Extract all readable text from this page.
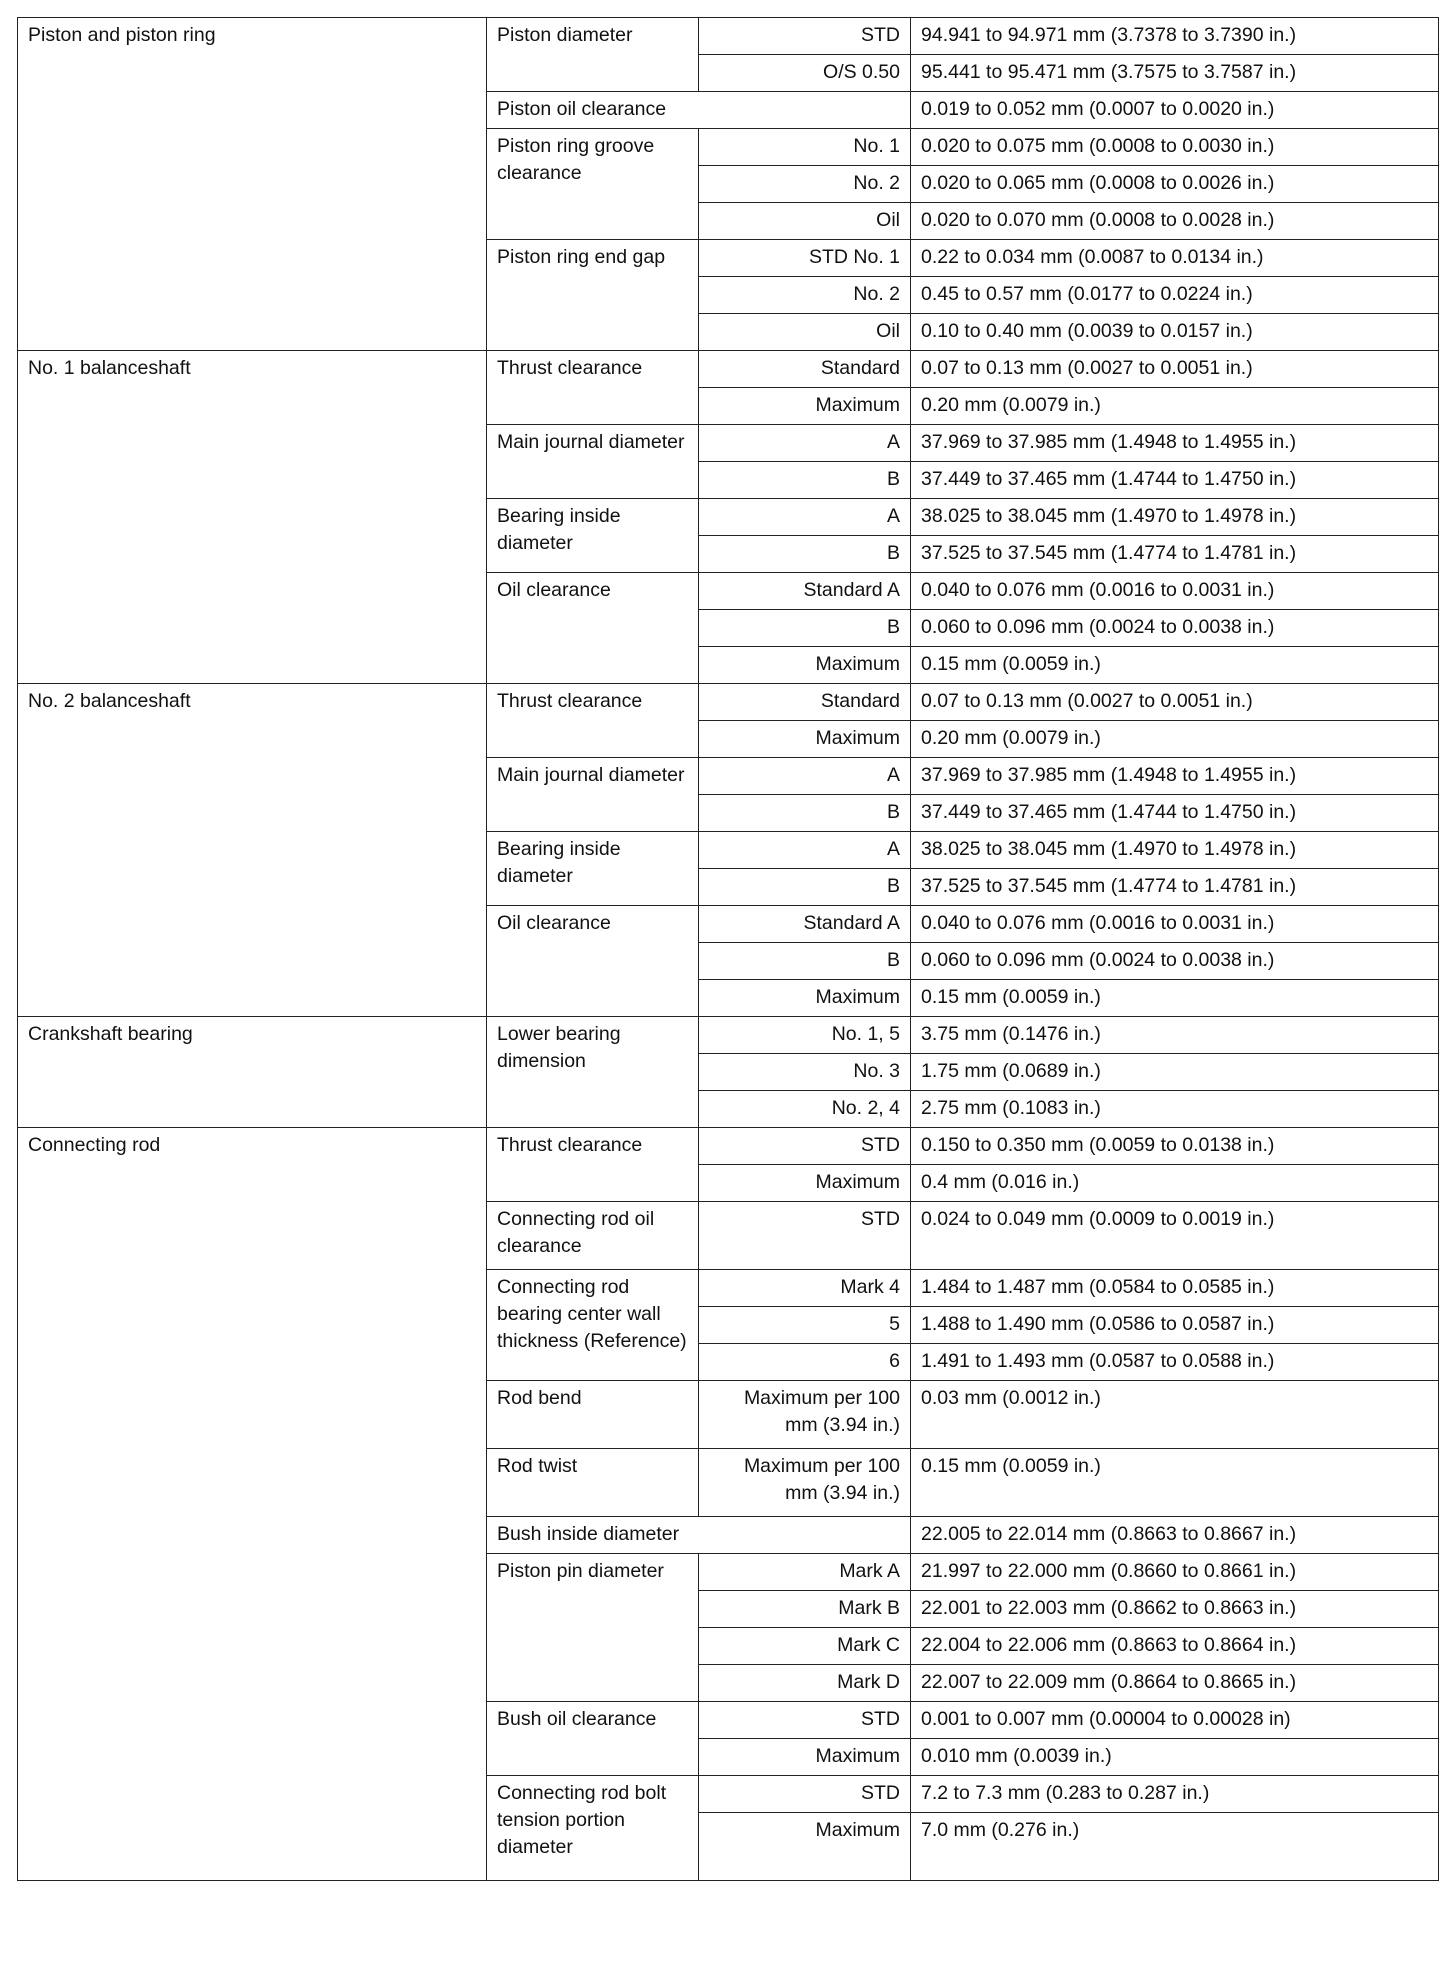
Piston and piston ring	Piston diameter	STD	94.941 to 94.971 mm (3.7378 to 3.7390 in.)
		O/S 0.50	95.441 to 95.471 mm (3.7575 to 3.7587 in.)
	Piston oil clearance		0.019 to 0.052 mm (0.0007 to 0.0020 in.)
	Piston ring groove clearance	No. 1	0.020 to 0.075 mm (0.0008 to 0.0030 in.)
		No. 2	0.020 to 0.065 mm (0.0008 to 0.0026 in.)
		Oil	0.020 to 0.070 mm (0.0008 to 0.0028 in.)
	Piston ring end gap	STD No. 1	0.22 to 0.034 mm (0.0087 to 0.0134 in.)
		No. 2	0.45 to 0.57 mm (0.0177 to 0.0224 in.)
		Oil	0.10 to 0.40 mm (0.0039 to 0.0157 in.)
No. 1 balanceshaft	Thrust clearance	Standard	0.07 to 0.13 mm (0.0027 to 0.0051 in.)
		Maximum	0.20 mm (0.0079 in.)
	Main journal diameter	A	37.969 to 37.985 mm (1.4948 to 1.4955 in.)
		B	37.449 to 37.465 mm (1.4744 to 1.4750 in.)
	Bearing inside diameter	A	38.025 to 38.045 mm (1.4970 to 1.4978 in.)
		B	37.525 to 37.545 mm (1.4774 to 1.4781 in.)
	Oil clearance	Standard A	0.040 to 0.076 mm (0.0016 to 0.0031 in.)
		B	0.060 to 0.096 mm (0.0024 to 0.0038 in.)
		Maximum	0.15 mm (0.0059 in.)
No. 2 balanceshaft	Thrust clearance	Standard	0.07 to 0.13 mm (0.0027 to 0.0051 in.)
		Maximum	0.20 mm (0.0079 in.)
	Main journal diameter	A	37.969 to 37.985 mm (1.4948 to 1.4955 in.)
		B	37.449 to 37.465 mm (1.4744 to 1.4750 in.)
	Bearing inside diameter	A	38.025 to 38.045 mm (1.4970 to 1.4978 in.)
		B	37.525 to 37.545 mm (1.4774 to 1.4781 in.)
	Oil clearance	Standard A	0.040 to 0.076 mm (0.0016 to 0.0031 in.)
		B	0.060 to 0.096 mm (0.0024 to 0.0038 in.)
		Maximum	0.15 mm (0.0059 in.)
Crankshaft bearing	Lower bearing dimension	No. 1, 5	3.75 mm (0.1476 in.)
		No. 3	1.75 mm (0.0689 in.)
		No. 2, 4	2.75 mm (0.1083 in.)
Connecting rod	Thrust clearance	STD	0.150 to 0.350 mm (0.0059 to 0.0138 in.)
		Maximum	0.4 mm (0.016 in.)
	Connecting rod oil clearance	STD	0.024 to 0.049 mm (0.0009 to 0.0019 in.)
	Connecting rod bearing center wall thickness (Reference)	Mark 4	1.484 to 1.487 mm (0.0584 to 0.0585 in.)
		5	1.488 to 1.490 mm (0.0586 to 0.0587 in.)
		6	1.491 to 1.493 mm (0.0587 to 0.0588 in.)
	Rod bend	Maximum per 100 mm (3.94 in.)	0.03 mm (0.0012 in.)
	Rod twist	Maximum per 100 mm (3.94 in.)	0.15 mm (0.0059 in.)
	Bush inside diameter		22.005 to 22.014 mm (0.8663 to 0.8667 in.)
	Piston pin diameter	Mark A	21.997 to 22.000 mm (0.8660 to 0.8661 in.)
		Mark B	22.001 to 22.003 mm (0.8662 to 0.8663 in.)
		Mark C	22.004 to 22.006 mm (0.8663 to 0.8664 in.)
		Mark D	22.007 to 22.009 mm (0.8664 to 0.8665 in.)
	Bush oil clearance	STD	0.001 to 0.007 mm (0.00004 to 0.00028 in)
		Maximum	0.010 mm (0.0039 in.)
	Connecting rod bolt tension portion diameter	STD	7.2 to 7.3 mm (0.283 to 0.287 in.)
		Maximum	7.0 mm (0.276 in.)
